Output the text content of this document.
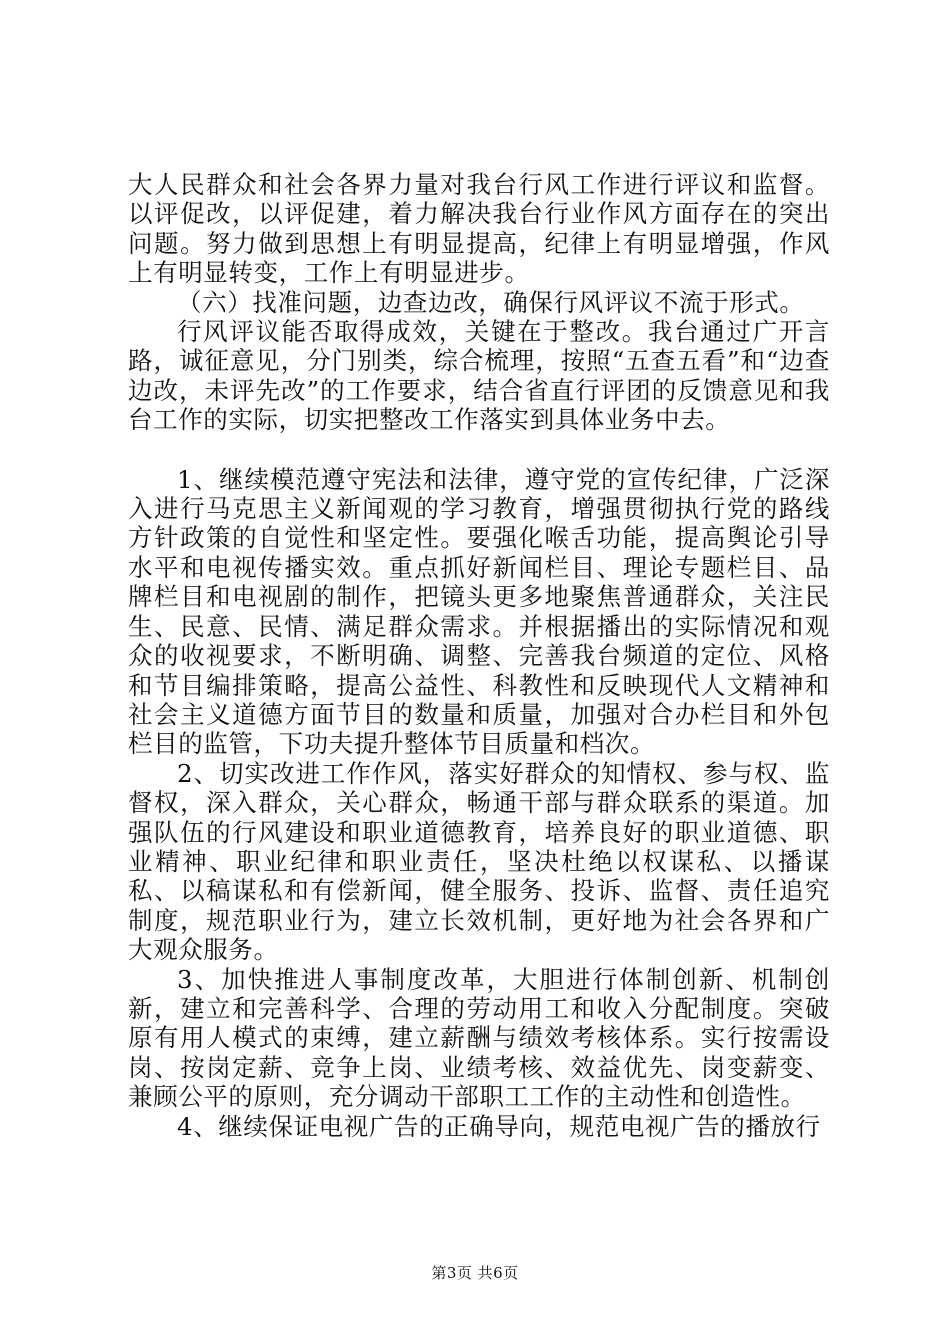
大人民群众和社会各界力量对我台行风工作进行评议和监督。以评促改，以评促建，着力解决我台行业作风方面存在的突出问题。努力做到思想上有明显提高，纪律上有明显增强，作风上有明显转变，工作上有明显进步。

（六）找准问题，边查边改，确保行风评议不流于形式。

行风评议能否取得成效，关键在于整改。我台通过广开言路，诚征意见，分门别类，综合梳理，按照“五查五看”和“边查边改，未评先改”的工作要求，结合省直行评团的反馈意见和我台工作的实际，切实把整改工作落实到具体业务中去。

1、继续模范遵守宪法和法律，遵守党的宣传纪律，广泛深入进行马克思主义新闻观的学习教育，增强贯彻执行党的路线方针政策的自觉性和坚定性。要强化喉舌功能，提高舆论引导水平和电视传播实效。重点抓好新闻栏目、理论专题栏目、品牌栏目和电视剧的制作，把镜头更多地聚焦普通群众，关注民生、民意、民情、满足群众需求。并根据播出的实际情况和观众的收视要求，不断明确、调整、完善我台频道的定位、风格和节目编排策略，提高公益性、科教性和反映现代人文精神和社会主义道德方面节目的数量和质量，加强对合办栏目和外包栏目的监管，下功夫提升整体节目质量和档次。

2、切实改进工作作风，落实好群众的知情权、参与权、监督权，深入群众，关心群众，畅通干部与群众联系的渠道。加强队伍的行风建设和职业道德教育，培养良好的职业道德、职业精神、职业纪律和职业责任，坚决杜绝以权谋私、以播谋私、以稿谋私和有偿新闻，健全服务、投诉、监督、责任追究制度，规范职业行为，建立长效机制，更好地为社会各界和广大观众服务。

3、加快推进人事制度改革，大胆进行体制创新、机制创新，建立和完善科学、合理的劳动用工和收入分配制度。突破原有用人模式的束缚，建立薪酬与绩效考核体系。实行按需设岗、按岗定薪、竞争上岗、业绩考核、效益优先、岗变薪变、兼顾公平的原则，充分调动干部职工工作的主动性和创造性。

4、继续保证电视广告的正确导向，规范电视广告的播放行

第3页 共6页
